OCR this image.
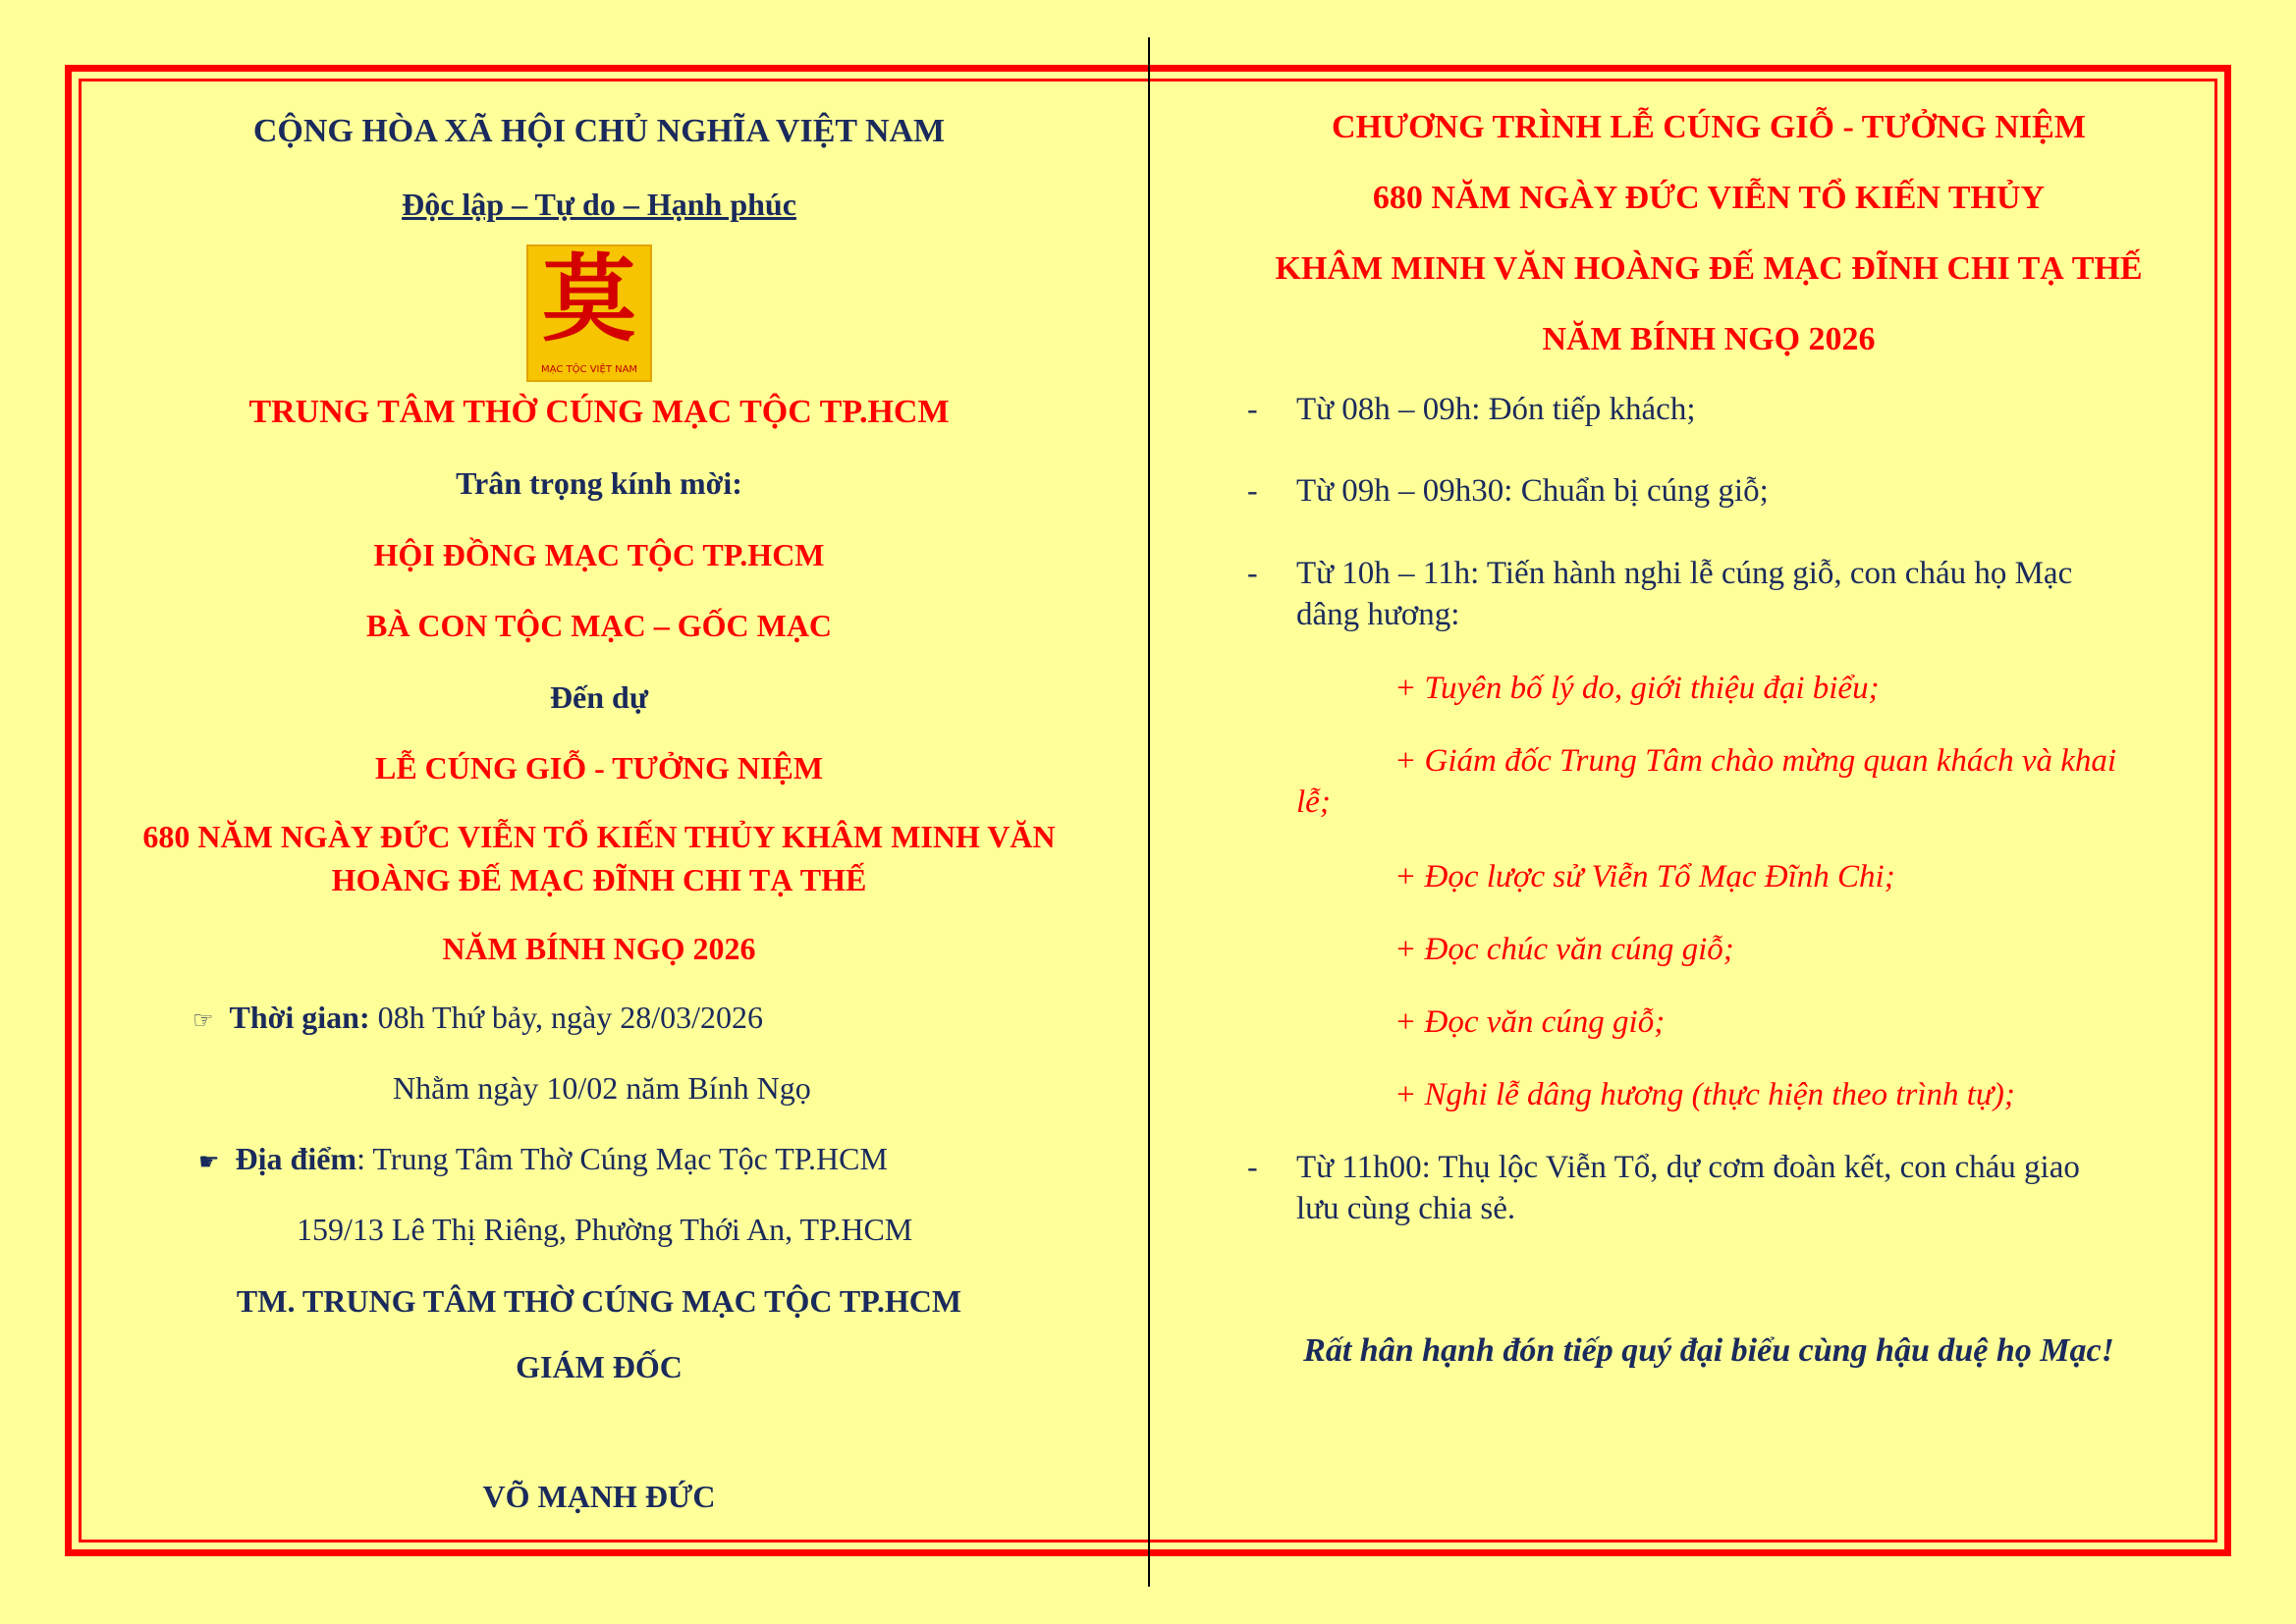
CỘNG HÒA XÃ HỘI CHỦ NGHĨA VIỆT NAM

Độc lập – Tự do – Hạnh phúc

莫
MẠC TỘC VIỆT NAM

TRUNG TÂM THỜ CÚNG MẠC TỘC TP.HCM

Trân trọng kính mời:

HỘI ĐỒNG MẠC TỘC TP.HCM

BÀ CON TỘC MẠC – GỐC MẠC

Đến dự

LỄ CÚNG GIỖ - TƯỞNG NIỆM

680 NĂM NGÀY ĐỨC VIỄN TỔ KIẾN THỦY KHÂM MINH VĂN

HOÀNG ĐẾ MẠC ĐĨNH CHI TẠ THẾ

NĂM BÍNH NGỌ 2026

☞ Thời gian: 08h Thứ bảy, ngày 28/03/2026
Nhằm ngày 10/02 năm Bính Ngọ
☛ Địa điểm: Trung Tâm Thờ Cúng Mạc Tộc TP.HCM
159/13 Lê Thị Riêng, Phường Thới An, TP.HCM

TM. TRUNG TÂM THỜ CÚNG MẠC TỘC TP.HCM

GIÁM ĐỐC

VÕ MẠNH ĐỨC

CHƯƠNG TRÌNH LỄ CÚNG GIỖ - TƯỞNG NIỆM

680 NĂM NGÀY ĐỨC VIỄN TỔ KIẾN THỦY

KHÂM MINH VĂN HOÀNG ĐẾ MẠC ĐĨNH CHI TẠ THẾ

NĂM BÍNH NGỌ 2026

- Từ 08h – 09h: Đón tiếp khách;
- Từ 09h – 09h30: Chuẩn bị cúng giỗ;
- Từ 10h – 11h: Tiến hành nghi lễ cúng giỗ, con cháu họ Mạc
dâng hương:
+ Tuyên bố lý do, giới thiệu đại biểu;
+ Giám đốc Trung Tâm chào mừng quan khách và khai
lễ;
+ Đọc lược sử Viễn Tổ Mạc Đĩnh Chi;
+ Đọc chúc văn cúng giỗ;
+ Đọc văn cúng giỗ;
+ Nghi lễ dâng hương (thực hiện theo trình tự);
- Từ 11h00: Thụ lộc Viễn Tổ, dự cơm đoàn kết, con cháu giao
lưu cùng chia sẻ.

Rất hân hạnh đón tiếp quý đại biểu cùng hậu duệ họ Mạc!
